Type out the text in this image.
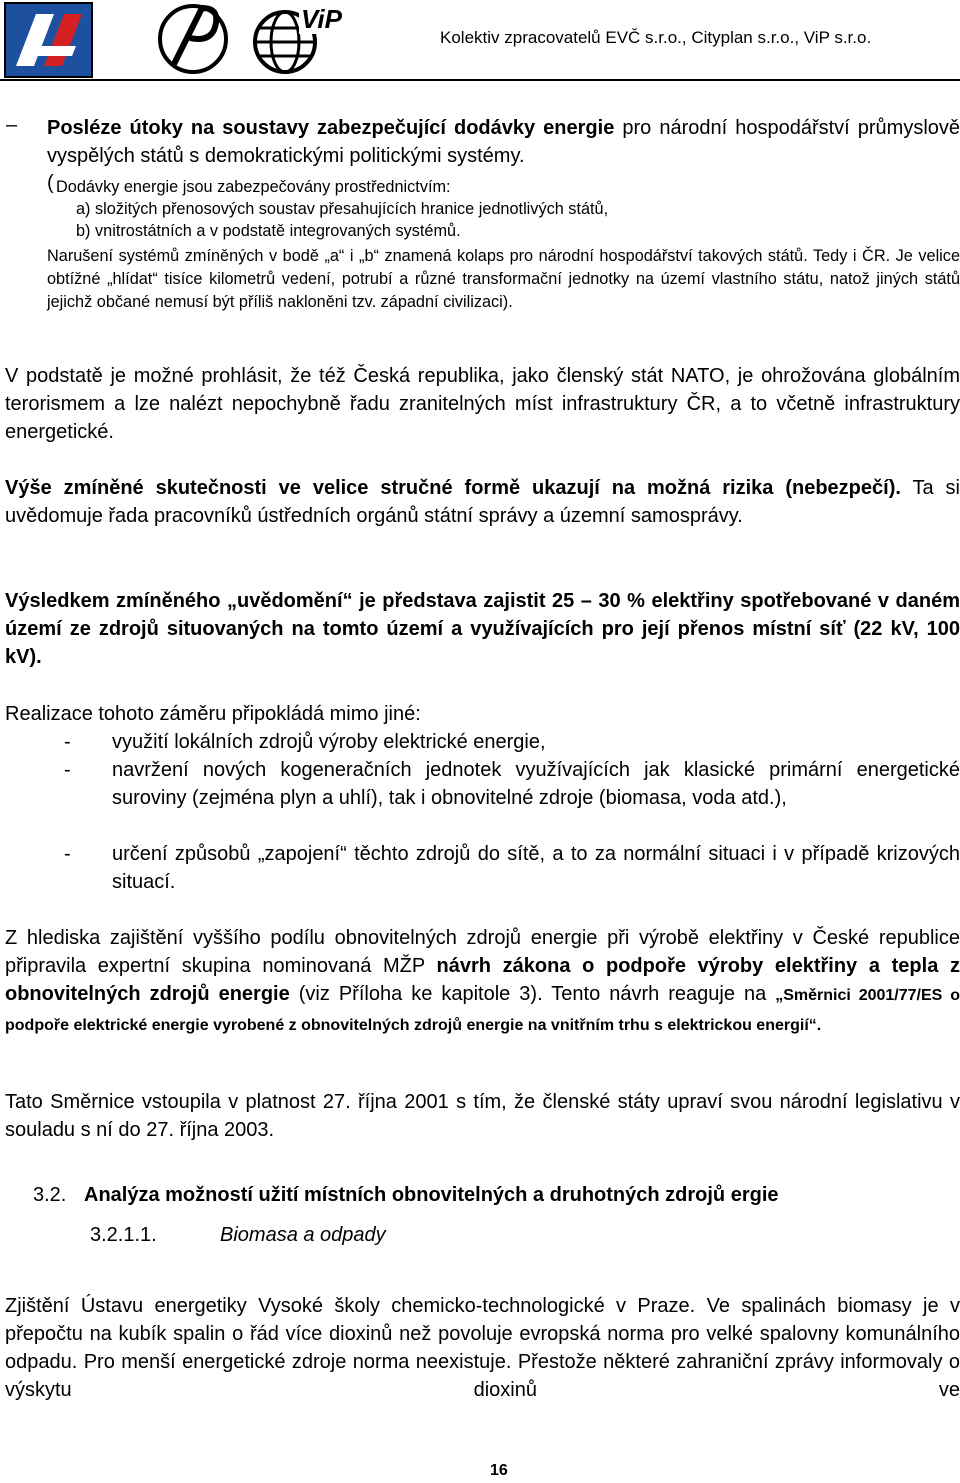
ViP
Kolektiv zpracovatelů EVČ s.r.o., Cityplan s.r.o., ViP s.r.o.
– Posléze útoky na soustavy zabezpečující dodávky energie pro národní hospodářství průmyslově vyspělých států s demokratickými politickými systémy.
( Dodávky energie jsou zabezpečovány prostřednictvím:
a) složitých přenosových soustav přesahujících hranice jednotlivých států,
b) vnitrostátních a v podstatě integrovaných systémů.
Narušení systémů zmíněných v bodě „a“ i „b“ znamená kolaps pro národní hospodářství takových států. Tedy i ČR. Je velice obtížné „hlídat“ tisíce kilometrů vedení, potrubí a různé transformační jednotky na území vlastního státu, natož jiných států jejichž občané nemusí být příliš nakloněni tzv. západní civilizaci).
V podstatě je možné prohlásit, že též Česká republika, jako členský stát NATO, je ohrožována globálním terorismem a lze nalézt nepochybně řadu zranitelných míst infrastruktury ČR, a to včetně infrastruktury energetické.
Výše zmíněné skutečnosti ve velice stručné formě ukazují na možná rizika (nebezpečí). Ta si uvědomuje řada pracovníků ústředních orgánů státní správy a územní samosprávy.
Výsledkem zmíněného „uvědomění“ je představa zajistit 25 – 30 % elektřiny spotřebované v daném území ze zdrojů situovaných na tomto území a využívajících pro její přenos místní síť (22 kV, 100 kV).
Realizace tohoto záměru připokládá mimo jiné:
- využití lokálních zdrojů výroby elektrické energie,
- navržení nových kogeneračních jednotek využívajících jak klasické primární energetické suroviny (zejména plyn a uhlí), tak i obnovitelné zdroje (biomasa, voda atd.),
- určení způsobů „zapojení“ těchto zdrojů do sítě, a to za normální situaci i v případě krizových situací.
Z hlediska zajištění vyššího podílu obnovitelných zdrojů energie při výrobě elektřiny v České republice připravila expertní skupina nominovaná MŽP návrh zákona o podpoře výroby elektřiny a tepla z obnovitelných zdrojů energie (viz Příloha ke kapitole 3). Tento návrh reaguje na „Směrnici 2001/77/ES o podpoře elektrické energie vyrobené z obnovitelných zdrojů energie na vnitřním trhu s elektrickou energií“.
Tato Směrnice vstoupila v platnost 27. října 2001 s tím, že členské státy upraví svou národní legislativu v souladu s ní do 27. října 2003.
3.2. Analýza možností užití místních obnovitelných a druhotných zdrojů ergie
3.2.1.1.	Biomasa a odpady
Zjištění Ústavu energetiky Vysoké školy chemicko-technologické v Praze. Ve spalinách biomasy je v přepočtu na kubík spalin o řád více dioxinů než povoluje evropská norma pro velké spalovny komunálního odpadu. Pro menší energetické zdroje norma neexistuje. Přestože některé zahraniční zprávy informovaly o výskytu dioxinů ve
16
